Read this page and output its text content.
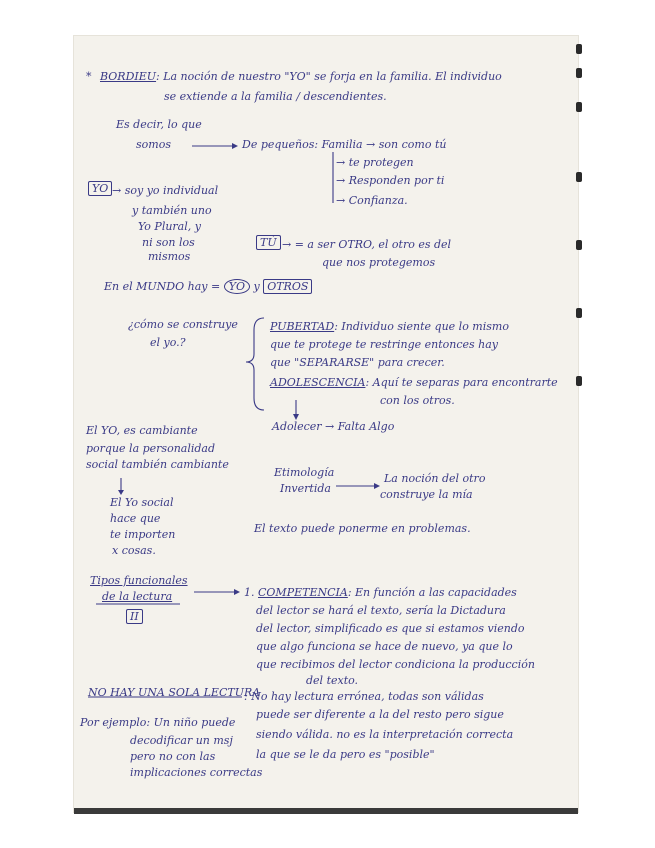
* BORDIEU : La noción de nuestro "YO" se forja en la familia. El individuo

se extiende a la familia / descendientes.

Es decir, lo que

somos	De pequeños: Familia → son como tú

→ te protegen

→ Responden por ti

→ Confianza.

YO → soy yo individual

y también uno

Yo Plural, y

ni son los

mismos

TÚ → = a ser OTRO, el otro es del

que nos protegemos

En el MUNDO hay = YO y OTROS

¿cómo se construye

el yo.?

PUBERTAD: Individuo siente que lo mismo

que te protege te restringe entonces hay

que "SEPARARSE" para crecer.

ADOLESCENCIA: Aquí te separas para encontrarte

con los otros.

Adolecer → Falta Algo

El YO, es cambiante

porque la personalidad

social también cambiante

El Yo social

hace que

te importen

x cosas.

Etimología

Invertida

La noción del otro

construye la mía

El texto puede ponerme en problemas.

Tipos funcionales

de la lectura

II

1. COMPETENCIA: En función a las capacidades

del lector se hará el texto, sería la Dictadura

del lector, simplificado es que si estamos viendo

que algo funciona se hace de nuevo, ya que lo

que recibimos del lector condiciona la producción

del texto.

NO HAY UNA SOLA LECTURA

: No hay lectura errónea, todas son válidas

puede ser diferente a la del resto pero sigue

siendo válida. no es la interpretación correcta

la que se le da pero es "posible"

Por ejemplo: Un niño puede

decodificar un msj

pero no con las

implicaciones correctas
